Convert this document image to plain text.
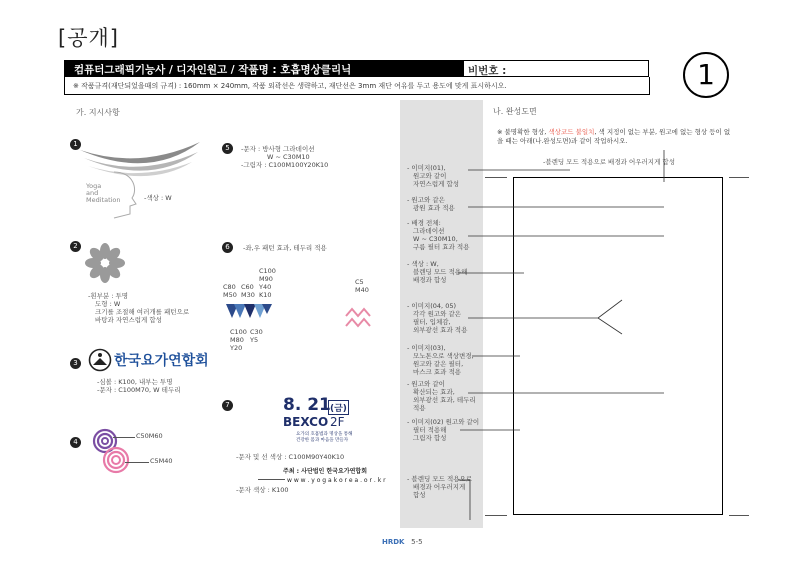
[공개]
컴퓨터그래픽기능사 / 디자인원고 / 작품명 : 호흡명상클리닉	비번호 :
※ 작품규격(재단되었을때의 규격) : 160mm × 240mm, 작품 외곽선은 생략하고, 재단선은 3mm 재단 여유를 두고 용도에 맞게 표시하시오.	1
가. 지시사항	나. 완성도면
1
Yoga
and
Meditation	-색상 : W
2
-흰부분 : 투명
도형 : W
크기를 조절해 여러개를 패턴으로
바탕과 자연스럽게 합성
3	한국요가연합회
-심볼 : K100, 내부는 투명
-문자 : C100M70, W 테두리
4
C50M60
C5M40
5	-문자 : 방사형 그라데이션
W ~ C30M10
-그림자 : C100M100Y20K10
6	-좌,우 패턴 효과, 테두리 적용
C100
M90
Y40
K10
C80
M50
C60
M30
C100
M80
Y20
C30
Y5
C5
M40
7	8. 21 (금)
BEXCO 2F
요가의 호흡법과 명상을 통해
건강한 몸과 마음을 만들자
-문자 및 선 색상 : C100M90Y40K10
주최 : 사단법인 한국요가연합회
w w w . y o g a k o r e a . o r . k r
-문자 색상 : K100
※ 불명확한 형상, 색상코드 불일치, 색 지정이 없는 부분, 원고에 없는 형상 등이 없을 때는 아래(나.완성도면)과 같이 작업하시오.
-블렌딩 모드 적용으로 배경과 어우러지게 합성
- 이미지(01),
원고와 같이
자연스럽게 합성
- 원고와 같은
광원 효과 적용
- 배경 전체:
그라데이션
W ~ C30M10,
구름 필터 효과 적용
- 색상 : W,
블렌딩 모드 적용해
배경과 합성
- 이미지(04, 05)
각각 원고와 같은
필터, 입체감,
외부광선 효과 적용
- 이미지(03),
모노톤으로 색상변경,
원고와 같은 필터,
마스크 효과 적용
- 원고와 같이
확산되는 효과,
외부광선 효과, 테두리
적용
- 이미지(02) 원고와 같이
필터 적용해
그림자 합성
- 블렌딩 모드 적용으로
배경과 어우러지게
합성
HRDK 5-5
